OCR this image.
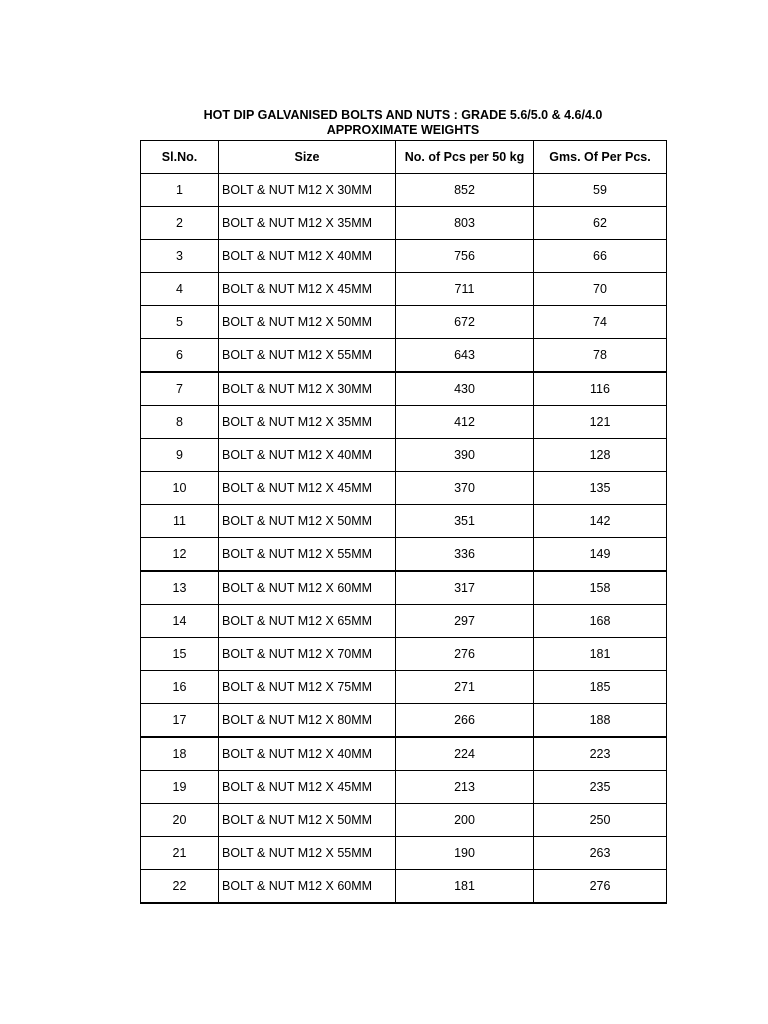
HOT DIP GALVANISED BOLTS AND NUTS : GRADE 5.6/5.0 & 4.6/4.0
APPROXIMATE WEIGHTS
Sl.No.	Size	No. of Pcs per 50 kg	Gms. Of Per Pcs.
1	BOLT & NUT M12 X 30MM	852	59
2	BOLT & NUT M12 X 35MM	803	62
3	BOLT & NUT M12 X 40MM	756	66
4	BOLT & NUT M12 X 45MM	711	70
5	BOLT & NUT M12 X 50MM	672	74
6	BOLT & NUT M12 X 55MM	643	78
7	BOLT & NUT M12 X 30MM	430	116
8	BOLT & NUT M12 X 35MM	412	121
9	BOLT & NUT M12 X 40MM	390	128
10	BOLT & NUT M12 X 45MM	370	135
11	BOLT & NUT M12 X 50MM	351	142
12	BOLT & NUT M12 X 55MM	336	149
13	BOLT & NUT M12 X 60MM	317	158
14	BOLT & NUT M12 X 65MM	297	168
15	BOLT & NUT M12 X 70MM	276	181
16	BOLT & NUT M12 X 75MM	271	185
17	BOLT & NUT M12 X 80MM	266	188
18	BOLT & NUT M12 X 40MM	224	223
19	BOLT & NUT M12 X 45MM	213	235
20	BOLT & NUT M12 X 50MM	200	250
21	BOLT & NUT M12 X 55MM	190	263
22	BOLT & NUT M12 X 60MM	181	276
